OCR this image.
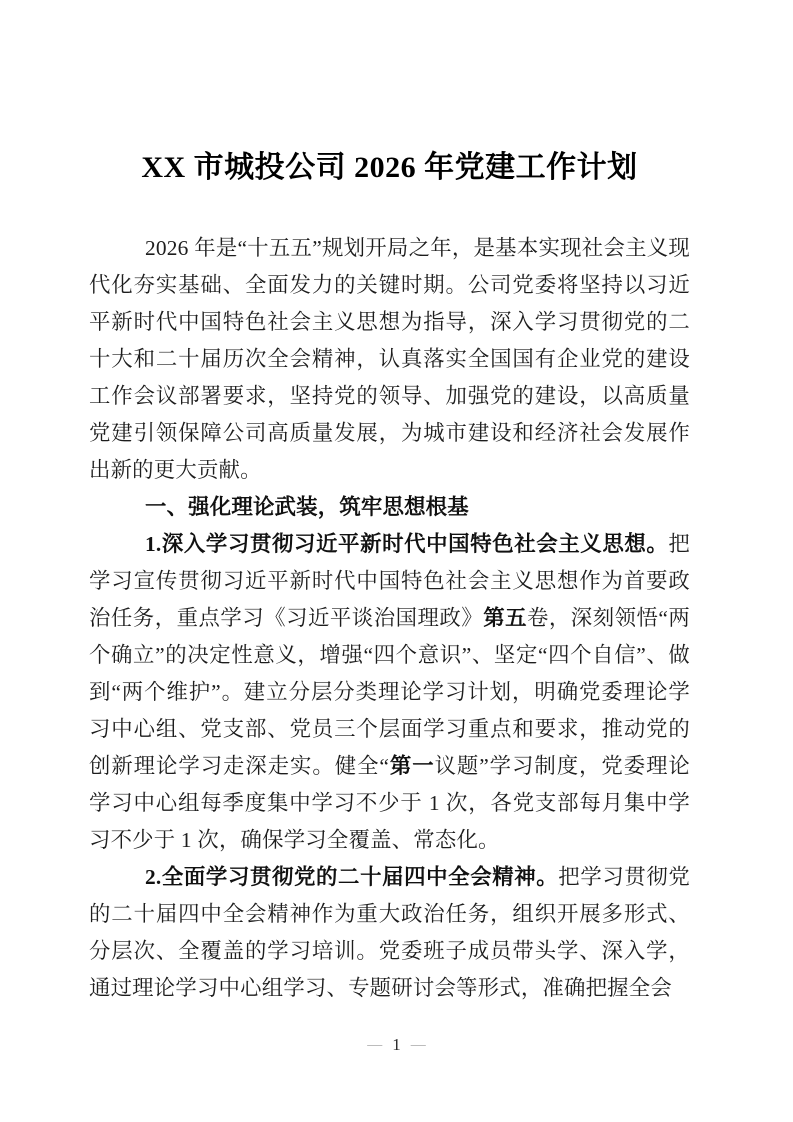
XX 市城投公司 2026 年党建工作计划

2026 年是“十五五”规划开局之年，是基本实现社会主义现代化夯实基础、全面发力的关键时期。公司党委将坚持以习近平新时代中国特色社会主义思想为指导，深入学习贯彻党的二十大和二十届历次全会精神，认真落实全国国有企业党的建设工作会议部署要求，坚持党的领导、加强党的建设，以高质量党建引领保障公司高质量发展，为城市建设和经济社会发展作出新的更大贡献。

一、强化理论武装，筑牢思想根基

1.深入学习贯彻习近平新时代中国特色社会主义思想。把学习宣传贯彻习近平新时代中国特色社会主义思想作为首要政治任务，重点学习《习近平谈治国理政》第五卷，深刻领悟“两个确立”的决定性意义，增强“四个意识”、坚定“四个自信”、做到“两个维护”。建立分层分类理论学习计划，明确党委理论学习中心组、党支部、党员三个层面学习重点和要求，推动党的创新理论学习走深走实。健全“第一议题”学习制度，党委理论学习中心组每季度集中学习不少于 1 次，各党支部每月集中学习不少于 1 次，确保学习全覆盖、常态化。

2.全面学习贯彻党的二十届四中全会精神。把学习贯彻党的二十届四中全会精神作为重大政治任务，组织开展多形式、分层次、全覆盖的学习培训。党委班子成员带头学、深入学，通过理论学习中心组学习、专题研讨会等形式，准确把握全会

— 1 —
